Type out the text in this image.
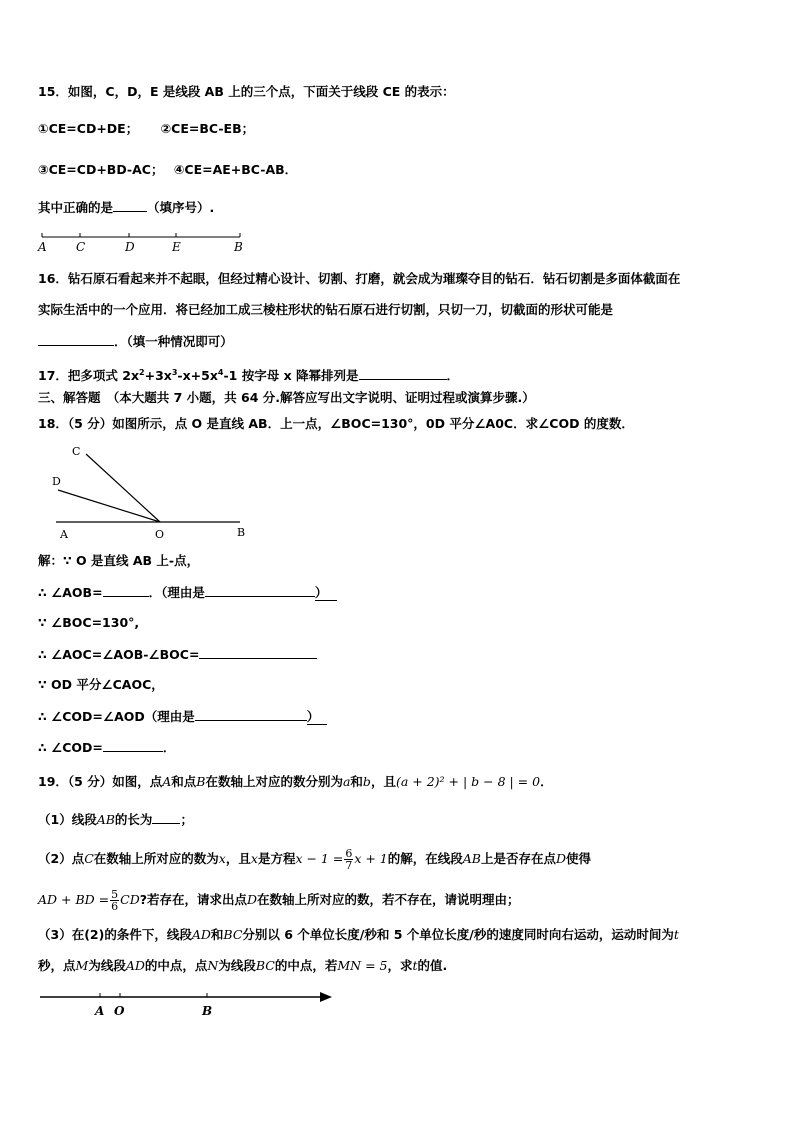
15．如图，C，D，E 是线段 AB 上的三个点，下面关于线段 CE 的表示：
①CE=CD+DE； ②CE=BC-EB；
③CE=CD+BD-AC； ④CE=AE+BC-AB．
其中正确的是	（填序号）.
A C	D	E	B
16．钻石原石看起来并不起眼，但经过精心设计、切割、打磨，就会成为璀璨夺目的钻石．钻石切割是多面体截面在
实际生活中的一个应用．将已经加工成三棱柱形状的钻石原石进行切割，只切一刀，切截面的形状可能是
．（填一种情况即可）
17．把多项式 $2x^2+3x^3-x+5x^4-1$ 按字母 x 降幂排列是	．
三、解答题　（本大题共 7 小题，共 64 分.解答应写出文字说明、证明过程或演算步骤.）
18．（5 分）如图所示，点 O 是直线 AB．上一点，∠BOC=130°，0D 平分∠A0C．求∠COD 的度数．
C
D
A	O	B
解：∵ O 是直线 AB 上-点，
∴ ∠AOB=	．（理由是	）
∵ ∠BOC=130°,
∴ ∠AOC=∠AOB-∠BOC=
∵ OD 平分∠CAOC，
∴ ∠COD=∠AOD（理由是	）
∴ ∠COD=	．
19．（5 分）如图，点A和点B在数轴上对应的数分别为a和b，且(a + 2)² + | b − 8 | = 0．
（1）线段AB的长为 ；
（2）点C在数轴上所对应的数为x，且x是方程$x - 1 = \frac{6}{7}$ x + 1的解，在线段AB上是否存在点D使得
AD + BD = $\frac{5}{6}$ CD?若存在，请求出点D在数轴上所对应的数，若不存在，请说明理由；
（3）在(2)的条件下，线段AD和BC分别以 6 个单位长度/秒和 5 个单位长度/秒的速度同时向右运动，运动时间为t
秒，点M为线段AD的中点，点N为线段BC的中点，若MN = 5，求t的值.
A O	B
